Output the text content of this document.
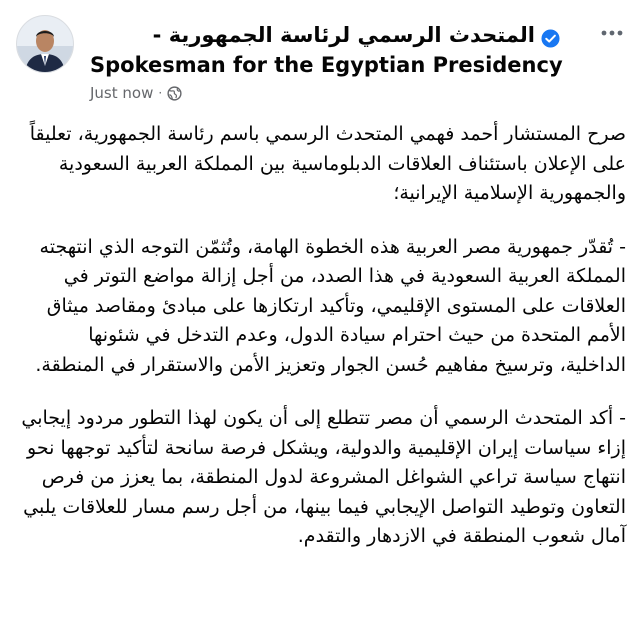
المتحدث الرسمي لرئاسة الجمهورية -
Spokesman for the Egyptian Presidency
Just now ·

صرح المستشار أحمد فهمي المتحدث الرسمي باسم رئاسة الجمهورية، تعليقاً على الإعلان باستئناف العلاقات الدبلوماسية بين المملكة العربية السعودية والجمهورية الإسلامية الإيرانية؛

- تُقدّر جمهورية مصر العربية هذه الخطوة الهامة، وتُثمّن التوجه الذي انتهجته المملكة العربية السعودية في هذا الصدد، من أجل إزالة مواضع التوتر في العلاقات على المستوى الإقليمي، وتأكيد ارتكازها على مبادئ ومقاصد ميثاق الأمم المتحدة من حيث احترام سيادة الدول، وعدم التدخل في شئونها الداخلية، وترسيخ مفاهيم حُسن الجوار وتعزيز الأمن والاستقرار في المنطقة.

- أكد المتحدث الرسمي أن مصر تتطلع إلى أن يكون لهذا التطور مردود إيجابي إزاء سياسات إيران الإقليمية والدولية، ويشكل فرصة سانحة لتأكيد توجهها نحو انتهاج سياسة تراعي الشواغل المشروعة لدول المنطقة، بما يعزز من فرص التعاون وتوطيد التواصل الإيجابي فيما بينها، من أجل رسم مسار للعلاقات يلبي آمال شعوب المنطقة في الازدهار والتقدم.
